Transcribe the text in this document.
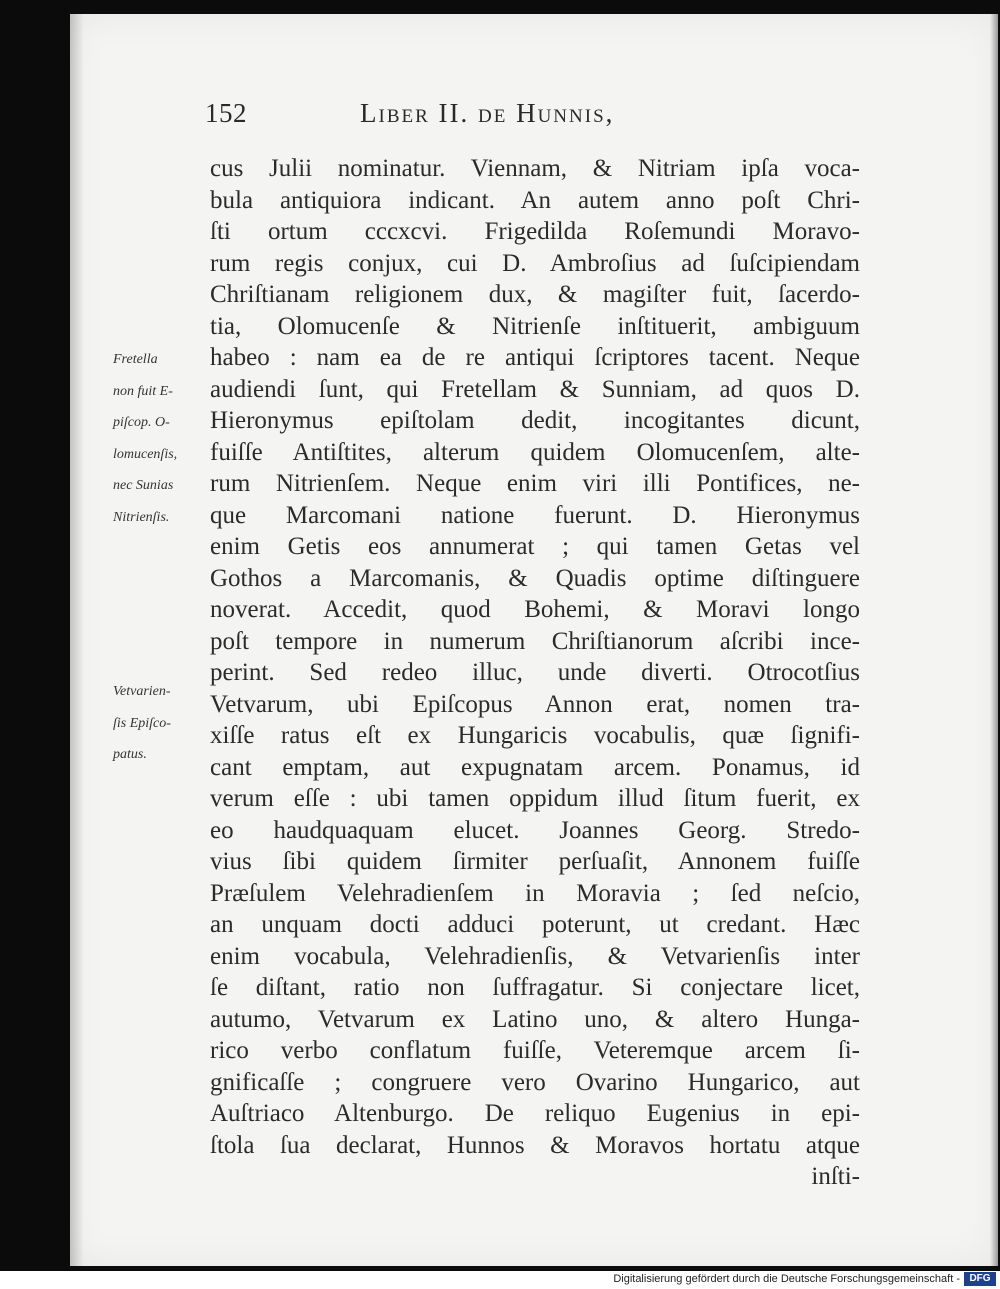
152	Liber II. de Hunnis,
Fretella
non fuit E-
piſcop. O-
lomucenſis,
nec Sunias
Nitrienſis.
Vetvarien-
ſis Epiſco-
patus.
cus Julii nominatur. Viennam, & Nitriam ipſa voca-
bula antiquiora indicant. An autem anno poſt Chri-
ſti ortum cccxcvi. Frigedilda Roſemundi Moravo-
rum regis conjux, cui D. Ambroſius ad ſuſcipiendam
Chriſtianam religionem dux, & magiſter fuit, ſacerdo-
tia, Olomucenſe & Nitrienſe inſtituerit, ambiguum
habeo : nam ea de re antiqui ſcriptores tacent. Neque
audiendi ſunt, qui Fretellam & Sunniam, ad quos D.
Hieronymus epiſtolam dedit, incogitantes dicunt,
fuiſſe Antiſtites, alterum quidem Olomucenſem, alte-
rum Nitrienſem. Neque enim viri illi Pontifices, ne-
que Marcomani natione fuerunt. D. Hieronymus
enim Getis eos annumerat ; qui tamen Getas vel
Gothos a Marcomanis, & Quadis optime diſtinguere
noverat. Accedit, quod Bohemi, & Moravi longo
poſt tempore in numerum Chriſtianorum aſcribi ince-
perint. Sed redeo illuc, unde diverti. Otrocotſius
Vetvarum, ubi Epiſcopus Annon erat, nomen tra-
xiſſe ratus eſt ex Hungaricis vocabulis, quæ ſignifi-
cant emptam, aut expugnatam arcem. Ponamus, id
verum eſſe : ubi tamen oppidum illud ſitum fuerit, ex
eo haudquaquam elucet. Joannes Georg. Stredo-
vius ſibi quidem ſirmiter perſuaſit, Annonem fuiſſe
Præſulem Velehradienſem in Moravia ; ſed neſcio,
an unquam docti adduci poterunt, ut credant. Hæc
enim vocabula, Velehradienſis, & Vetvarienſis inter
ſe diſtant, ratio non ſuffragatur. Si conjectare licet,
autumo, Vetvarum ex Latino uno, & altero Hunga-
rico verbo conflatum fuiſſe, Veteremque arcem ſi-
gnificaſſe ; congruere vero Ovarino Hungarico, aut
Auſtriaco Altenburgo. De reliquo Eugenius in epi-
ſtola ſua declarat, Hunnos & Moravos hortatu atque
inſti-
Digitalisierung gefördert durch die Deutsche Forschungsgemeinschaft - DFG
